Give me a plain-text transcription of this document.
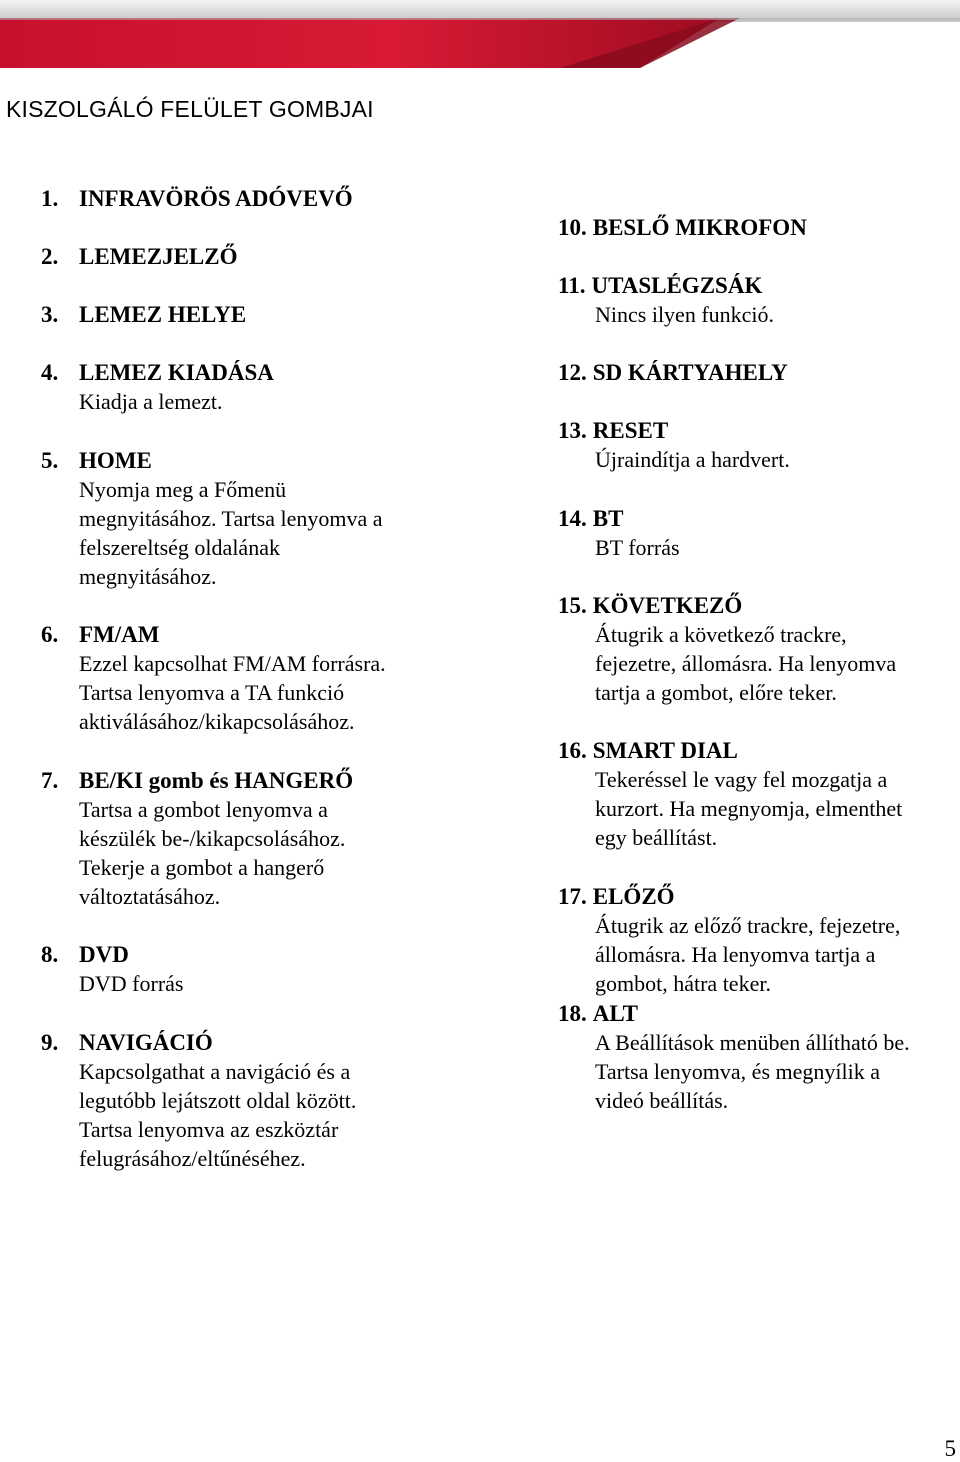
KISZOLGÁLÓ FELÜLET GOMBJAI
1. INFRAVÖRÖS ADÓVEVŐ
2. LEMEZJELZŐ
3. LEMEZ HELYE
4. LEMEZ KIADÁSA
Kiadja a lemezt.
5. HOME
Nyomja meg a Főmenü
megnyitásához. Tartsa lenyomva a
felszereltség oldalának
megnyitásához.
6. FM/AM
Ezzel kapcsolhat FM/AM forrásra.
Tartsa lenyomva a TA funkció
aktiválásához/kikapcsolásához.
7. BE/KI gomb és HANGERŐ
Tartsa a gombot lenyomva a
készülék be-/kikapcsolásához.
Tekerje a gombot a hangerő
változtatásához.
8. DVD
DVD forrás
9. NAVIGÁCIÓ
Kapcsolgathat a navigáció és a
legutóbb lejátszott oldal között.
Tartsa lenyomva az eszköztár
felugrásához/eltűnéséhez.
10. BESLŐ MIKROFON
11. UTASLÉGZSÁK
Nincs ilyen funkció.
12. SD KÁRTYAHELY
13. RESET
Újraindítja a hardvert.
14. BT
BT forrás
15. KÖVETKEZŐ
Átugrik a következő trackre,
fejezetre, állomásra. Ha lenyomva
tartja a gombot, előre teker.
16. SMART DIAL
Tekeréssel le vagy fel mozgatja a
kurzort. Ha megnyomja, elmenthet
egy beállítást.
17. ELŐZŐ
Átugrik az előző trackre, fejezetre,
állomásra. Ha lenyomva tartja a
gombot, hátra teker.
18. ALT
A Beállítások menüben állítható be.
Tartsa lenyomva, és megnyílik a
videó beállítás.
5
